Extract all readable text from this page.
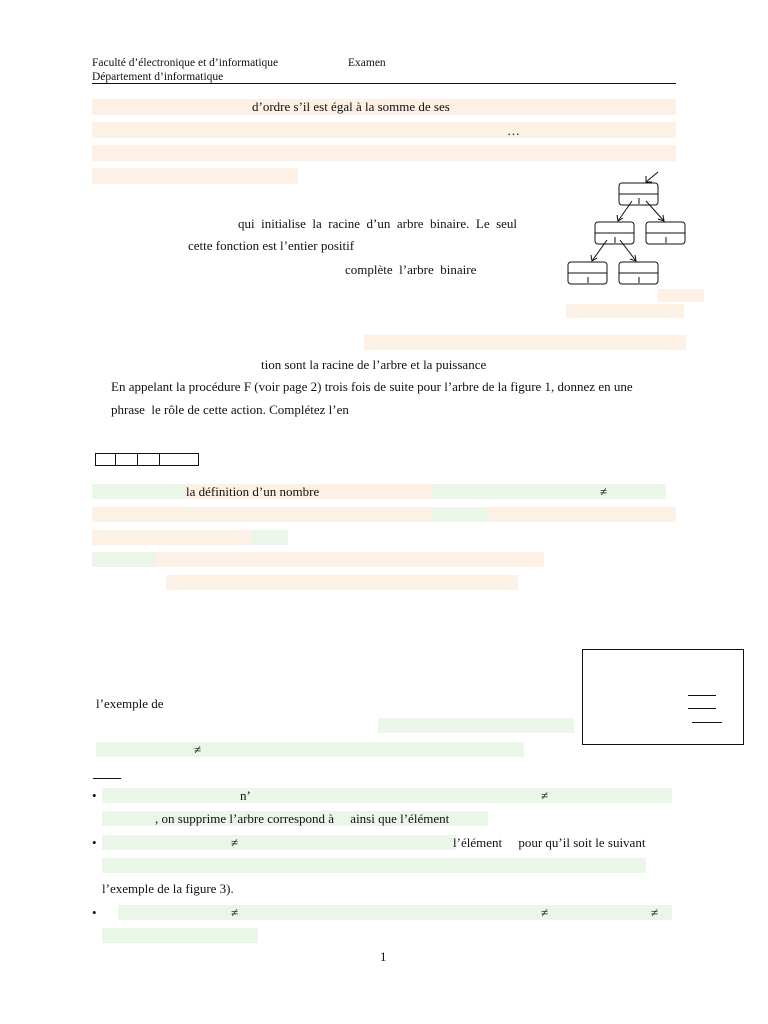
Faculté d’électronique et d’informatique	Examen
Département d’informatique
d’ordre s’il est égal à la somme de ses
…
qui  initialise  la  racine  d’un  arbre  binaire.  Le  seul
cette fonction est l’entier positif
complète  l’arbre  binaire
tion sont la racine de l’arbre et la puissance
En appelant la procédure F (voir page 2) trois fois de suite pour l’arbre de la figure 1, donnez en une
phrase  le rôle de cette action. Complétez l’en
la définition d’un nombre	≠
l’exemple de
≠
•	n’	≠
, on supprime l’arbre correspond à     ainsi que l’élément
•	≠	l’élément     pour qu’il soit le suivant
l’exemple de la figure 3).
•	≠	≠	≠
1
